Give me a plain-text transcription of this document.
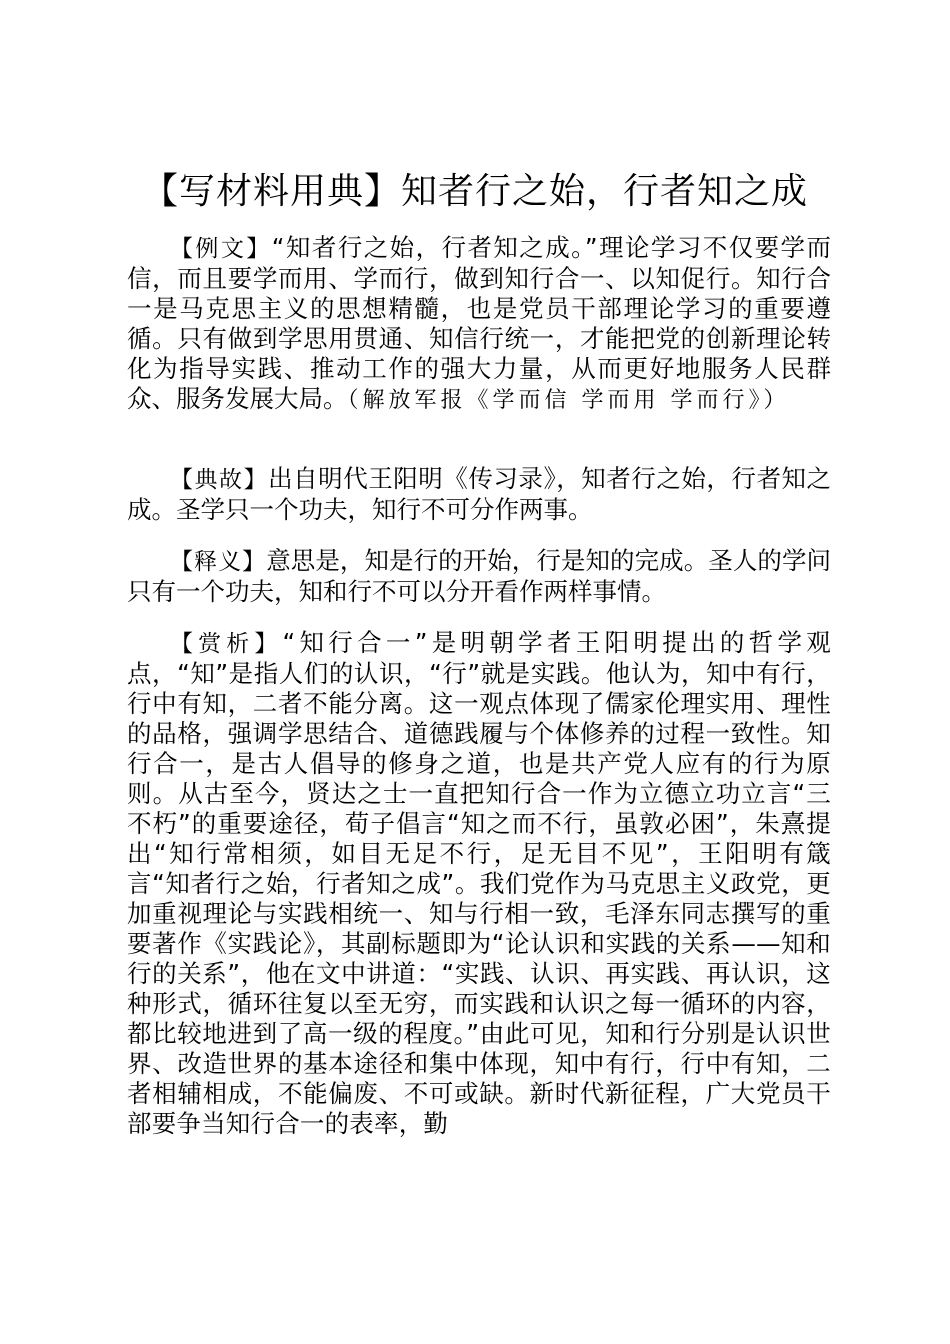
【写材料用典】知者行之始，行者知之成

【例文】“知者行之始，行者知之成。”理论学习不仅要学而信，而且要学而用、学而行，做到知行合一、以知促行。知行合一是马克思主义的思想精髓，也是党员干部理论学习的重要遵循。只有做到学思用贯通、知信行统一，才能把党的创新理论转化为指导实践、推动工作的强大力量，从而更好地服务人民群众、服务发展大局。（解放军报《学而信 学而用 学而行》）

【典故】出自明代王阳明《传习录》，知者行之始，行者知之成。圣学只一个功夫，知行不可分作两事。

【释义】意思是，知是行的开始，行是知的完成。圣人的学问只有一个功夫，知和行不可以分开看作两样事情。

【赏析】“知行合一”是明朝学者王阳明提出的哲学观点，“知”是指人们的认识，“行”就是实践。他认为，知中有行，行中有知，二者不能分离。这一观点体现了儒家伦理实用、理性的品格，强调学思结合、道德践履与个体修养的过程一致性。知行合一，是古人倡导的修身之道，也是共产党人应有的行为原则。从古至今，贤达之士一直把知行合一作为立德立功立言“三不朽”的重要途径，荀子倡言“知之而不行，虽敦必困”，朱熹提出“知行常相须，如目无足不行，足无目不见”，王阳明有箴言“知者行之始，行者知之成”。我们党作为马克思主义政党，更加重视理论与实践相统一、知与行相一致，毛泽东同志撰写的重要著作《实践论》，其副标题即为“论认识和实践的关系——知和行的关系”，他在文中讲道：“实践、认识、再实践、再认识，这种形式，循环往复以至无穷，而实践和认识之每一循环的内容，都比较地进到了高一级的程度。”由此可见，知和行分别是认识世界、改造世界的基本途径和集中体现，知中有行，行中有知，二者相辅相成，不能偏废、不可或缺。新时代新征程，广大党员干部要争当知行合一的表率，勤
